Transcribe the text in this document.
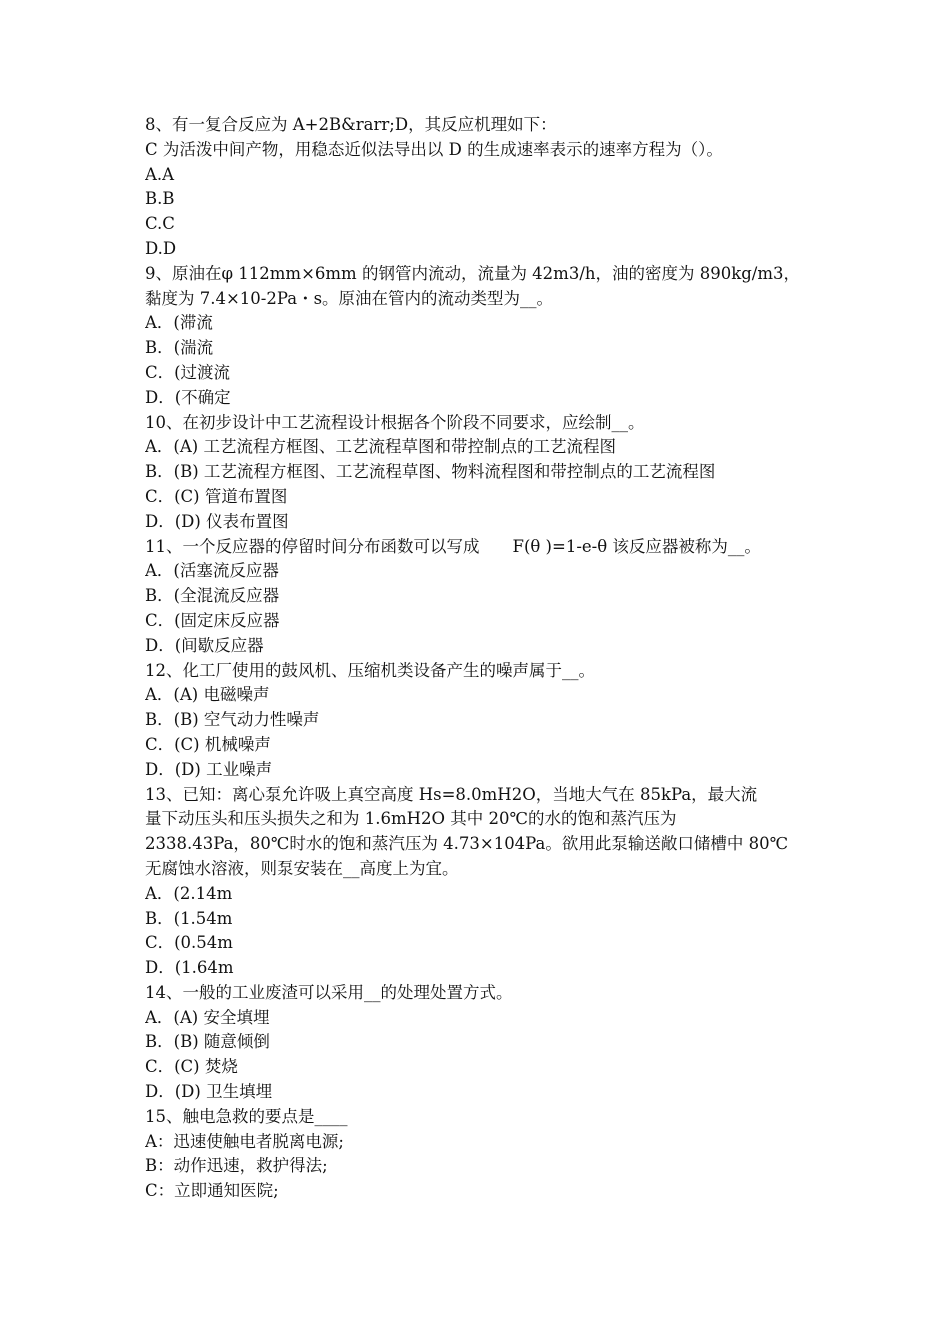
8、有一复合反应为 A+2B&rarr;D，其反应机理如下：
C 为活泼中间产物，用稳态近似法导出以 D 的生成速率表示的速率方程为（）。
A.A
B.B
C.C
D.D
9、原油在φ 112mm×6mm 的钢管内流动，流量为 42m3/h，油的密度为 890kg/m3，
黏度为 7.4×10-2Pa・s。原油在管内的流动类型为__。
A．(滞流
B．(湍流
C．(过渡流
D．(不确定
10、在初步设计中工艺流程设计根据各个阶段不同要求，应绘制__。
A．(A) 工艺流程方框图、工艺流程草图和带控制点的工艺流程图
B．(B) 工艺流程方框图、工艺流程草图、物料流程图和带控制点的工艺流程图
C．(C) 管道布置图
D．(D) 仪表布置图
11、一个反应器的停留时间分布函数可以写成　　F(θ )=1-e-θ 该反应器被称为__。
A．(活塞流反应器
B．(全混流反应器
C．(固定床反应器
D．(间歇反应器
12、化工厂使用的鼓风机、压缩机类设备产生的噪声属于__。
A．(A) 电磁噪声
B．(B) 空气动力性噪声
C．(C) 机械噪声
D．(D) 工业噪声
13、已知：离心泵允许吸上真空高度 Hs=8.0mH2O，当地大气在 85kPa，最大流
量下动压头和压头损失之和为 1.6mH2O 其中 20℃的水的饱和蒸汽压为
2338.43Pa，80℃时水的饱和蒸汽压为 4.73×104Pa。欲用此泵输送敞口储槽中 80℃
无腐蚀水溶液，则泵安装在__高度上为宜。
A．(2.14m
B．(1.54m
C．(0.54m
D．(1.64m
14、一般的工业废渣可以采用__的处理处置方式。
A．(A) 安全填埋
B．(B) 随意倾倒
C．(C) 焚烧
D．(D) 卫生填埋
15、触电急救的要点是____
A：迅速使触电者脱离电源;
B：动作迅速，救护得法;
C：立即通知医院;
